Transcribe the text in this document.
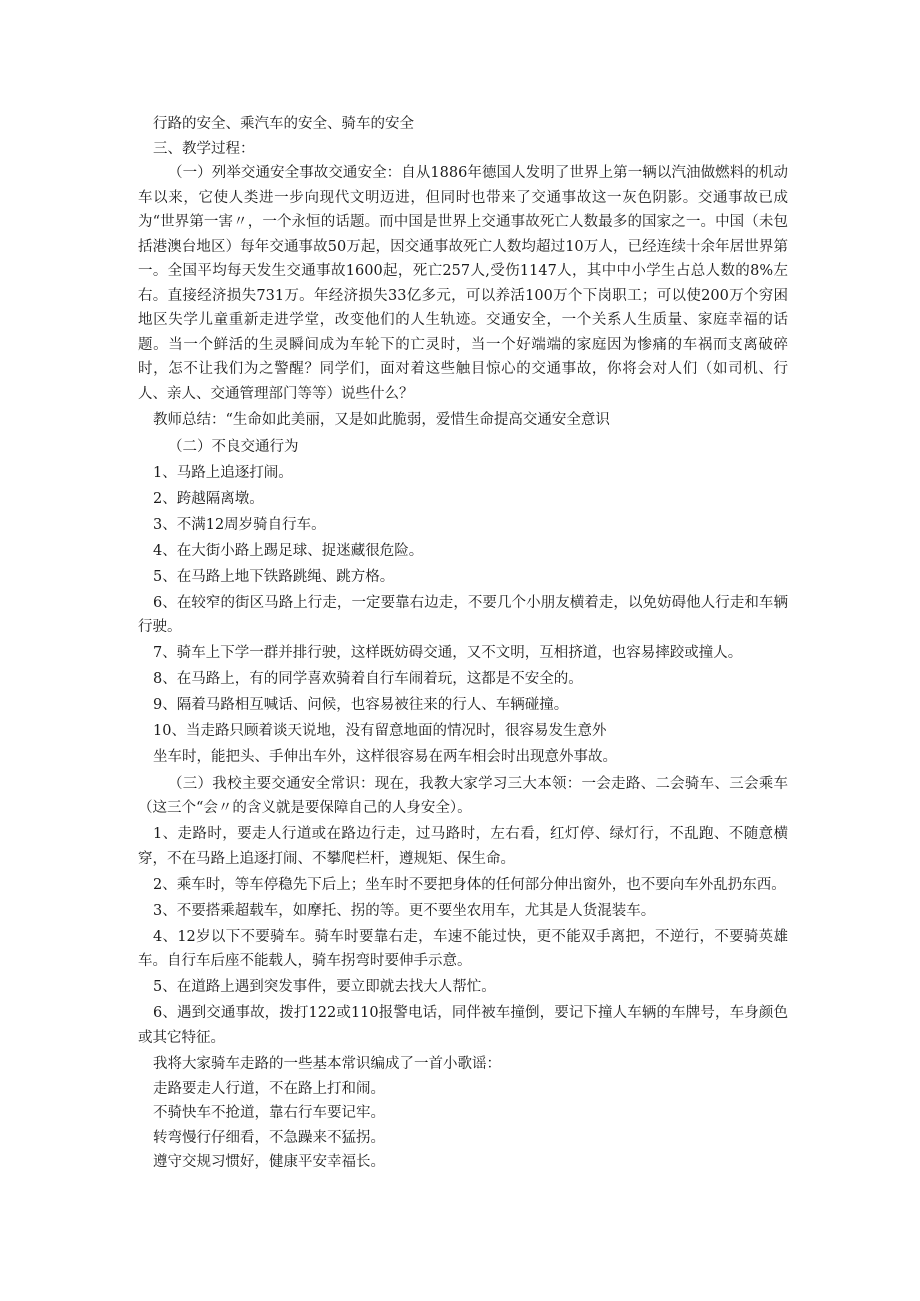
行路的安全、乘汽车的安全、骑车的安全

三、教学过程：

（一）列举交通安全事故交通安全：自从1886年德国人发明了世界上第一辆以汽油做燃料的机动车以来，它使人类进一步向现代文明迈进，但同时也带来了交通事故这一灰色阴影。交通事故已成为“世界第一害〃，一个永恒的话题。而中国是世界上交通事故死亡人数最多的国家之一。中国（未包括港澳台地区）每年交通事故50万起，因交通事故死亡人数均超过10万人，已经连续十余年居世界第一。全国平均每天发生交通事故1600起，死亡257人,受伤1147人，其中中小学生占总人数的8%左右。直接经济损失731万。年经济损失33亿多元，可以养活100万个下岗职工；可以使200万个穷困地区失学儿童重新走进学堂，改变他们的人生轨迹。交通安全，一个关系人生质量、家庭幸福的话题。当一个鲜活的生灵瞬间成为车轮下的亡灵时，当一个好端端的家庭因为惨痛的车祸而支离破碎时，怎不让我们为之警醒？同学们，面对着这些触目惊心的交通事故，你将会对人们（如司机、行人、亲人、交通管理部门等等）说些什么？

教师总结：“生命如此美丽，又是如此脆弱，爱惜生命提高交通安全意识

（二）不良交通行为

1、马路上追逐打闹。

2、跨越隔离墩。

3、不满12周岁骑自行车。

4、在大街小路上踢足球、捉迷藏很危险。

5、在马路上地下铁路跳绳、跳方格。

6、在较窄的街区马路上行走，一定要靠右边走，不要几个小朋友横着走，以免妨碍他人行走和车辆行驶。

7、骑车上下学一群并排行驶，这样既妨碍交通，又不文明，互相挤道，也容易摔跤或撞人。

8、在马路上，有的同学喜欢骑着自行车闹着玩，这都是不安全的。

9、隔着马路相互喊话、问候，也容易被往来的行人、车辆碰撞。

10、当走路只顾着谈天说地，没有留意地面的情况时，很容易发生意外

坐车时，能把头、手伸出车外，这样很容易在两车相会时出现意外事故。

（三）我校主要交通安全常识：现在，我教大家学习三大本领：一会走路、二会骑车、三会乘车（这三个“会〃的含义就是要保障自己的人身安全）。

1、走路时，要走人行道或在路边行走，过马路时，左右看，红灯停、绿灯行，不乱跑、不随意横穿，不在马路上追逐打闹、不攀爬栏杆，遵规矩、保生命。

2、乘车时，等车停稳先下后上；坐车时不要把身体的任何部分伸出窗外，也不要向车外乱扔东西。

3、不要搭乘超载车，如摩托、拐的等。更不要坐农用车，尤其是人货混装车。

4、12岁以下不要骑车。骑车时要靠右走，车速不能过快，更不能双手离把，不逆行，不要骑英雄车。自行车后座不能载人，骑车拐弯时要伸手示意。

5、在道路上遇到突发事件，要立即就去找大人帮忙。

6、遇到交通事故，拨打122或110报警电话，同伴被车撞倒，要记下撞人车辆的车牌号，车身颜色或其它特征。

我将大家骑车走路的一些基本常识编成了一首小歌谣：

走路要走人行道，不在路上打和闹。

不骑快车不抢道，靠右行车要记牢。

转弯慢行仔细看，不急躁来不猛拐。

遵守交规习惯好，健康平安幸福长。
